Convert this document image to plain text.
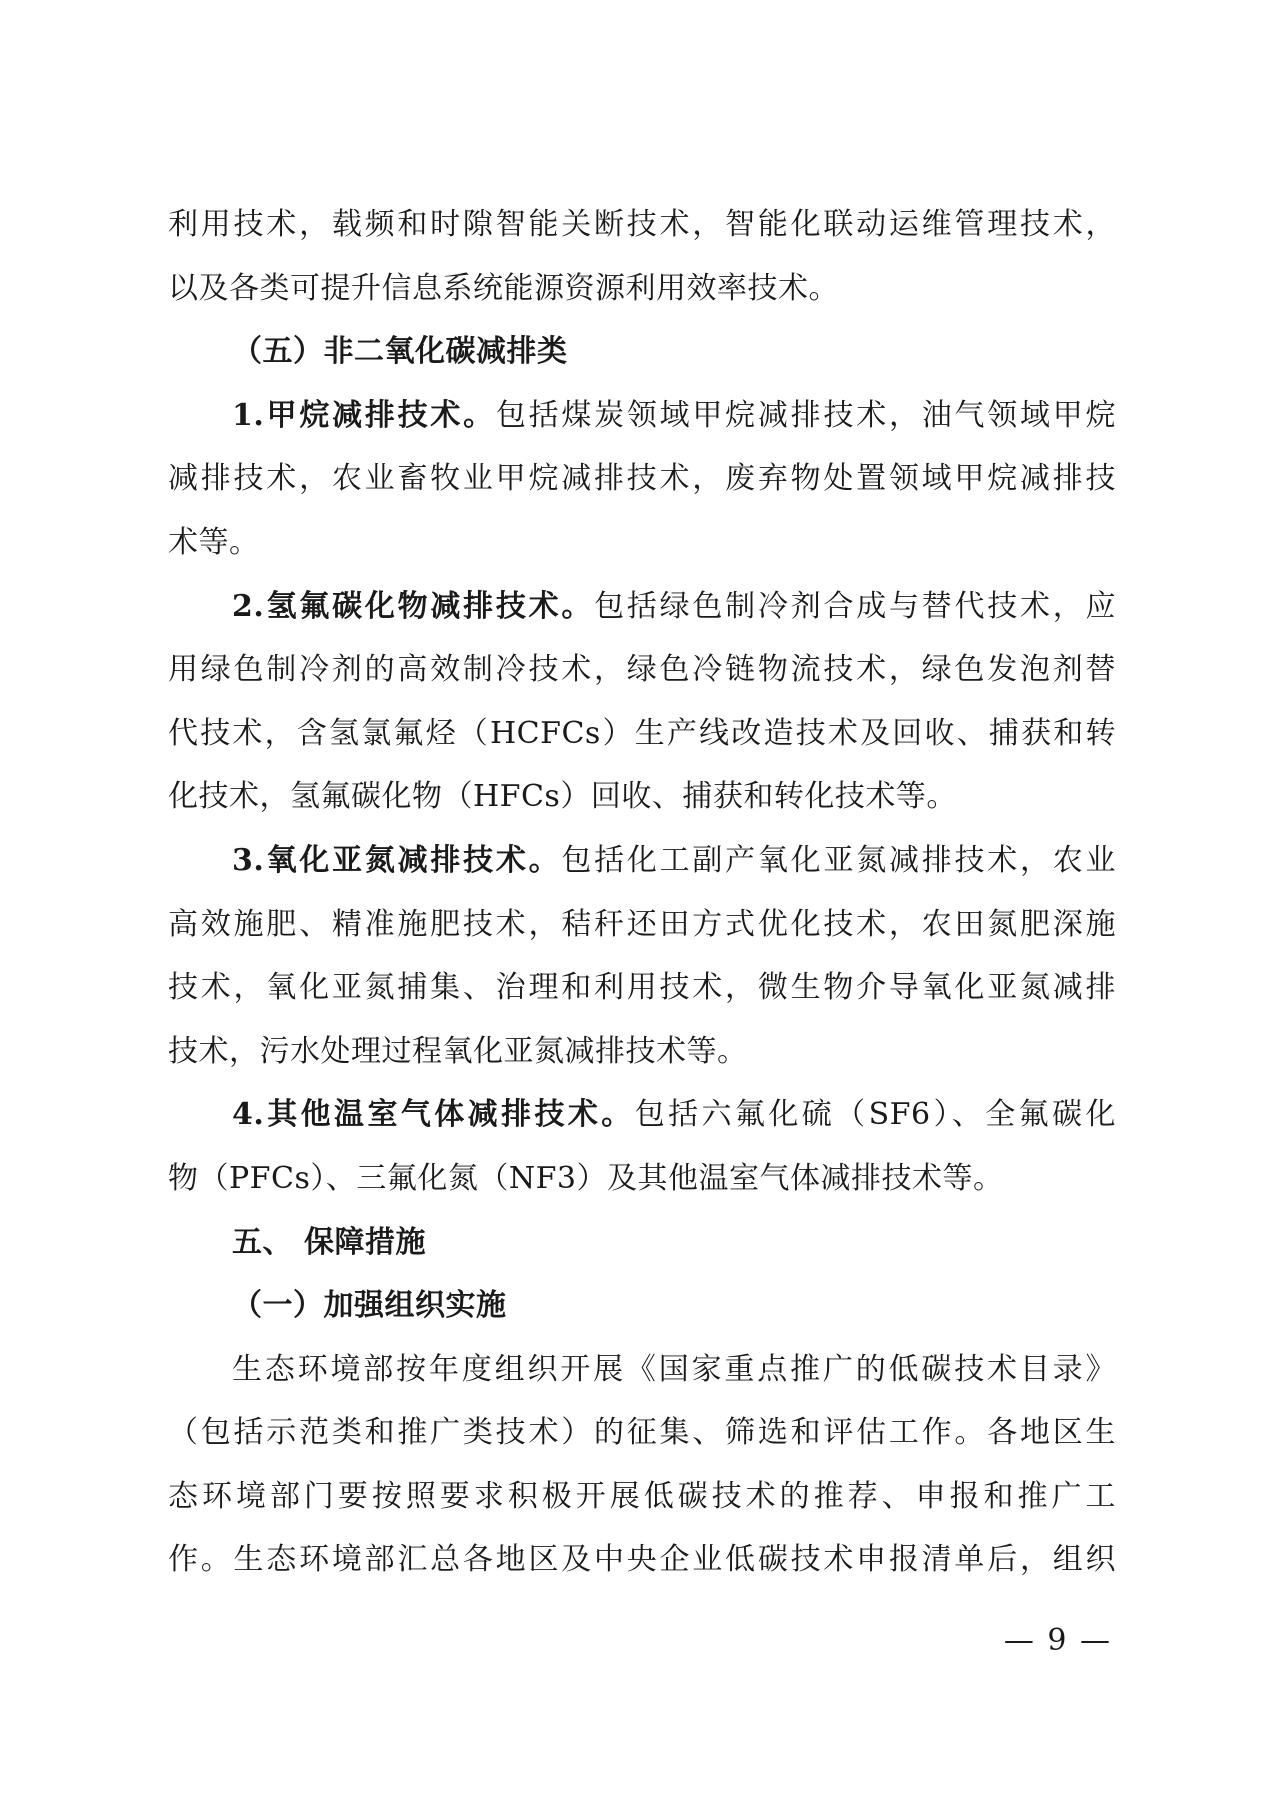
利用技术，载频和时隙智能关断技术，智能化联动运维管理技术，
以及各类可提升信息系统能源资源利用效率技术。
（五）非二氧化碳减排类
1.甲烷减排技术。包括煤炭领域甲烷减排技术，油气领域甲烷
减排技术，农业畜牧业甲烷减排技术，废弃物处置领域甲烷减排技
术等。
2.氢氟碳化物减排技术。包括绿色制冷剂合成与替代技术，应
用绿色制冷剂的高效制冷技术，绿色冷链物流技术，绿色发泡剂替
代技术，含氢氯氟烃（HCFCs）生产线改造技术及回收、捕获和转
化技术，氢氟碳化物（HFCs）回收、捕获和转化技术等。
3.氧化亚氮减排技术。包括化工副产氧化亚氮减排技术，农业
高效施肥、精准施肥技术，秸秆还田方式优化技术，农田氮肥深施
技术，氧化亚氮捕集、治理和利用技术，微生物介导氧化亚氮减排
技术，污水处理过程氧化亚氮减排技术等。
4.其他温室气体减排技术。包括六氟化硫（SF6）、全氟碳化
物（PFCs）、三氟化氮（NF3）及其他温室气体减排技术等。
五、 保障措施
（一）加强组织实施
生态环境部按年度组织开展《国家重点推广的低碳技术目录》
（包括示范类和推广类技术）的征集、筛选和评估工作。各地区生
态环境部门要按照要求积极开展低碳技术的推荐、申报和推广工
作。生态环境部汇总各地区及中央企业低碳技术申报清单后，组织
— 9 —
